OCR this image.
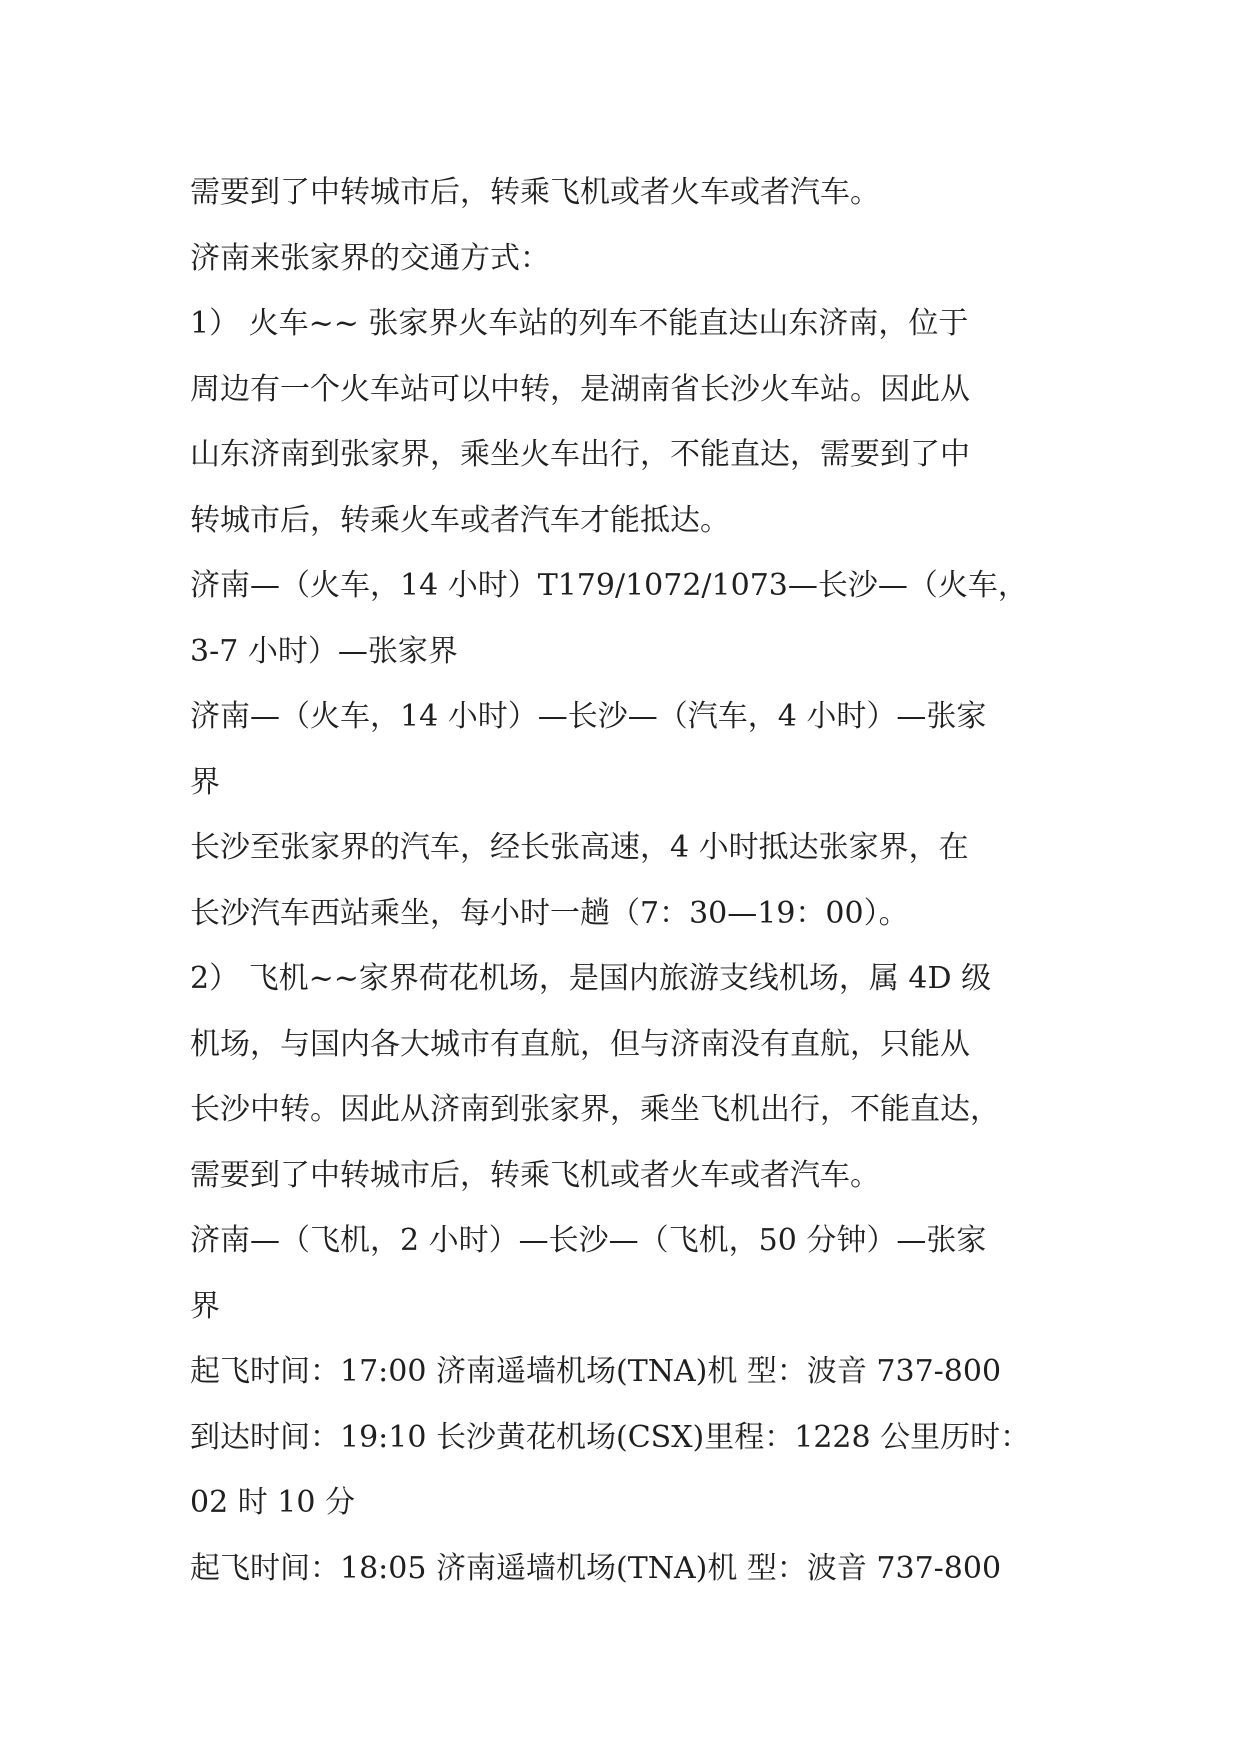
需要到了中转城市后，转乘飞机或者火车或者汽车。

济南来张家界的交通方式：

1） 火车~~ 张家界火车站的列车不能直达山东济南，位于

周边有一个火车站可以中转，是湖南省长沙火车站。因此从

山东济南到张家界，乘坐火车出行，不能直达，需要到了中

转城市后，转乘火车或者汽车才能抵达。

济南—（火车，14 小时）T179/1072/1073—长沙—（火车，

3-7 小时）—张家界

济南—（火车，14 小时）—长沙—（汽车，4 小时）—张家

界

长沙至张家界的汽车，经长张高速，4 小时抵达张家界，在

长沙汽车西站乘坐，每小时一趟（7：30—19：00）。

2） 飞机~~家界荷花机场，是国内旅游支线机场，属 4D 级

机场，与国内各大城市有直航，但与济南没有直航，只能从

长沙中转。因此从济南到张家界，乘坐飞机出行，不能直达，

需要到了中转城市后，转乘飞机或者火车或者汽车。

济南—（飞机，2 小时）—长沙—（飞机，50 分钟）—张家

界

起飞时间：17:00 济南遥墙机场(TNA)机 型：波音 737-800

到达时间：19:10 长沙黄花机场(CSX)里程：1228 公里历时：

02 时 10 分

起飞时间：18:05 济南遥墙机场(TNA)机 型：波音 737-800
